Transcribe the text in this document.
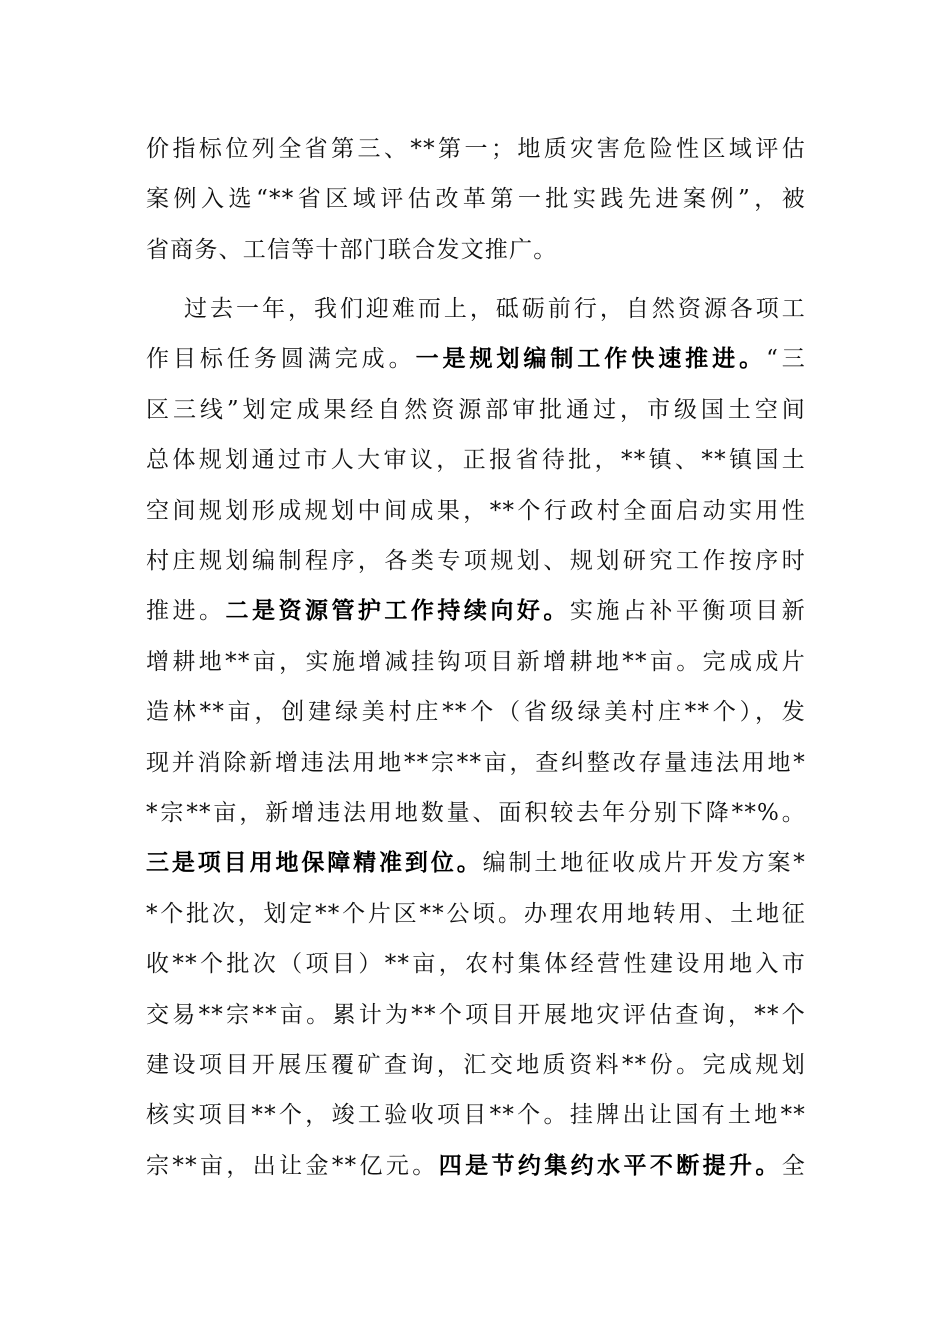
价指标位列全省第三、**第一；地质灾害危险性区域评估
案例入选“**省区域评估改革第一批实践先进案例”，被
省商务、工信等十部门联合发文推广。
过去一年，我们迎难而上，砥砺前行，自然资源各项工
作目标任务圆满完成。一是规划编制工作快速推进。“三
区三线”划定成果经自然资源部审批通过，市级国土空间
总体规划通过市人大审议，正报省待批，**镇、**镇国土
空间规划形成规划中间成果，**个行政村全面启动实用性
村庄规划编制程序，各类专项规划、规划研究工作按序时
推进。二是资源管护工作持续向好。实施占补平衡项目新
增耕地**亩，实施增减挂钩项目新增耕地**亩。完成成片
造林**亩，创建绿美村庄**个（省级绿美村庄**个），发
现并消除新增违法用地**宗**亩，查纠整改存量违法用地*
*宗**亩，新增违法用地数量、面积较去年分别下降**%。
三是项目用地保障精准到位。编制土地征收成片开发方案*
*个批次，划定**个片区**公顷。办理农用地转用、土地征
收**个批次（项目）**亩，农村集体经营性建设用地入市
交易**宗**亩。累计为**个项目开展地灾评估查询，**个
建设项目开展压覆矿查询，汇交地质资料**份。完成规划
核实项目**个，竣工验收项目**个。挂牌出让国有土地**
宗**亩，出让金**亿元。四是节约集约水平不断提升。全
